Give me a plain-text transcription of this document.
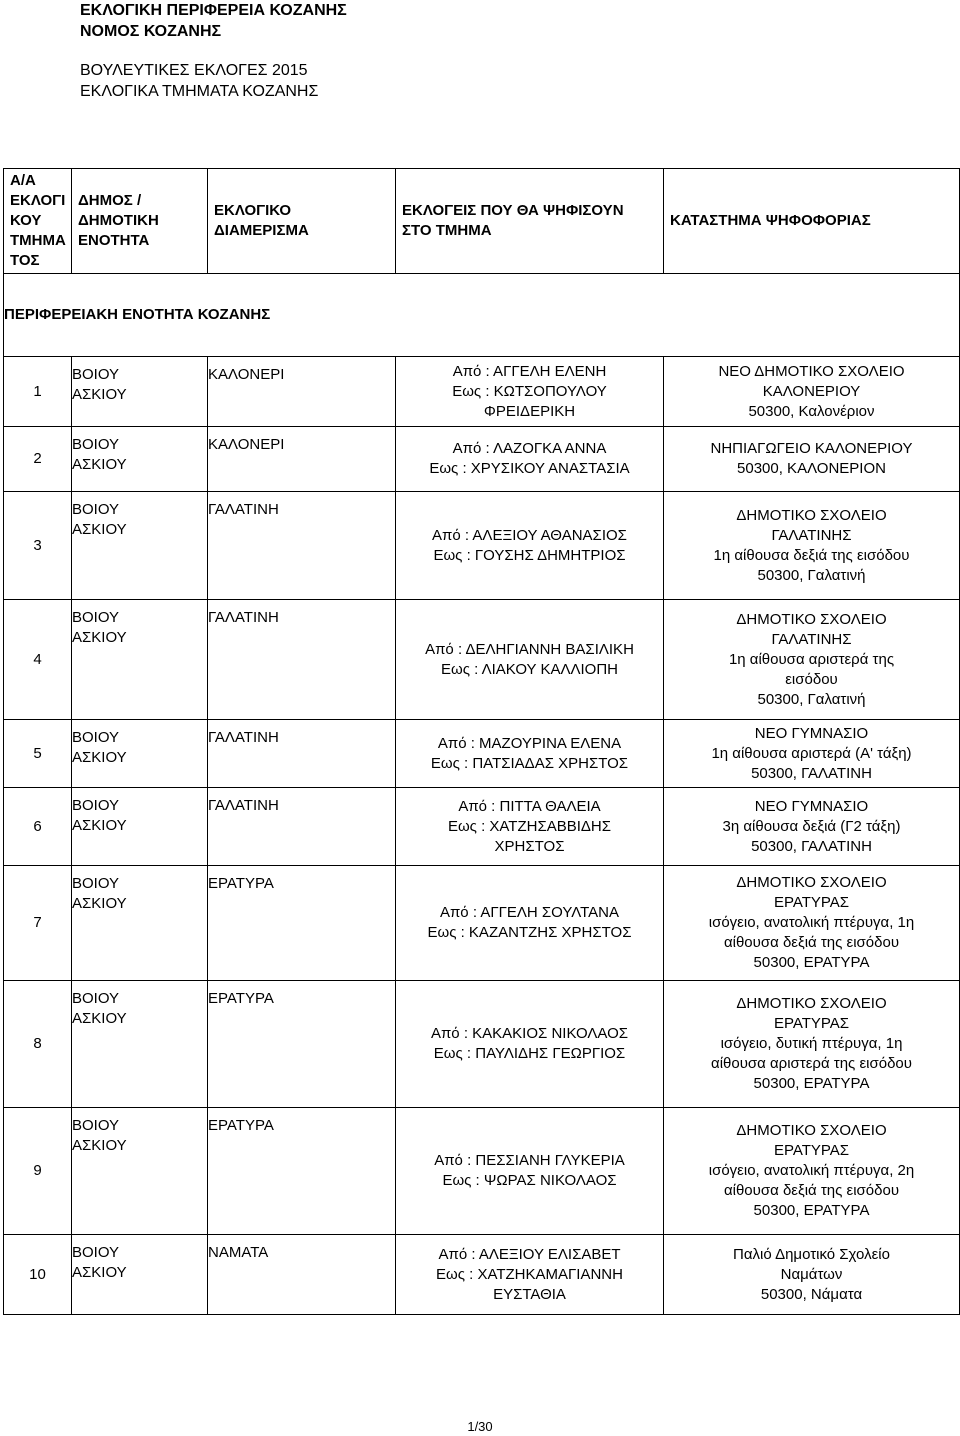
ΕΚΛΟΓΙΚΗ ΠΕΡΙΦΕΡΕΙΑ ΚΟΖΑΝΗΣ
ΝΟΜΟΣ ΚΟΖΑΝΗΣ
ΒΟΥΛΕΥΤΙΚΕΣ ΕΚΛΟΓΕΣ 2015
ΕΚΛΟΓΙΚΑ ΤΜΗΜΑΤΑ ΚΟΖΑΝΗΣ
Α/Α
ΕΚΛΟΓΙ
ΚΟΥ
ΤΜΗΜΑ
ΤΟΣ	ΔΗΜΟΣ /
ΔΗΜΟΤΙΚΗ
ΕΝΟΤΗΤΑ	ΕΚΛΟΓΙΚΟ
ΔΙΑΜΕΡΙΣΜΑ	ΕΚΛΟΓΕΙΣ ΠΟΥ ΘΑ ΨΗΦΙΣΟΥΝ
ΣΤΟ ΤΜΗΜΑ	ΚΑΤΑΣΤΗΜΑ ΨΗΦΟΦΟΡΙΑΣ
ΠΕΡΙΦΕΡΕΙΑΚΗ ΕΝΟΤΗΤΑ ΚΟΖΑΝΗΣ				
1	ΒΟΙΟΥ
ΑΣΚΙΟΥ	ΚΑΛΟΝΕΡΙ	Από : ΑΓΓΕΛΗ ΕΛΕΝΗ
Εως : ΚΩΤΣΟΠΟΥΛΟΥ
ΦΡΕΙΔΕΡΙΚΗ	ΝΕΟ ΔΗΜΟΤΙΚΟ ΣΧΟΛΕΙΟ
ΚΑΛΟΝΕΡΙΟΥ
50300, Καλονέριον

2	ΒΟΙΟΥ
ΑΣΚΙΟΥ	ΚΑΛΟΝΕΡΙ	Από : ΛΑΖΟΓΚΑ ΑΝΝΑ
Εως : ΧΡΥΣΙΚΟΥ ΑΝΑΣΤΑΣΙΑ	ΝΗΠΙΑΓΩΓΕΙΟ ΚΑΛΟΝΕΡΙΟΥ
50300, ΚΑΛΟΝΕΡΙΟΝ

3	ΒΟΙΟΥ
ΑΣΚΙΟΥ	ΓΑΛΑΤΙΝΗ	Από : ΑΛΕΞΙΟΥ ΑΘΑΝΑΣΙΟΣ
Εως : ΓΟΥΣΗΣ ΔΗΜΗΤΡΙΟΣ	ΔΗΜΟΤΙΚΟ ΣΧΟΛΕΙΟ
ΓΑΛΑΤΙΝΗΣ
1η αίθουσα δεξιά της εισόδου
50300, Γαλατινή

4	ΒΟΙΟΥ
ΑΣΚΙΟΥ	ΓΑΛΑΤΙΝΗ	Από : ΔΕΛΗΓΙΑΝΝΗ ΒΑΣΙΛΙΚΗ
Εως : ΛΙΑΚΟΥ ΚΑΛΛΙΟΠΗ	ΔΗΜΟΤΙΚΟ ΣΧΟΛΕΙΟ
ΓΑΛΑΤΙΝΗΣ
1η αίθουσα αριστερά της
εισόδου
50300, Γαλατινή

5	ΒΟΙΟΥ
ΑΣΚΙΟΥ	ΓΑΛΑΤΙΝΗ	Από : ΜΑΖΟΥΡΙΝΑ ΕΛΕΝΑ
Εως : ΠΑΤΣΙΑΔΑΣ ΧΡΗΣΤΟΣ	ΝΕΟ ΓΥΜΝΑΣΙΟ
1η αίθουσα αριστερά (Α' τάξη)
50300, ΓΑΛΑΤΙΝΗ

6	ΒΟΙΟΥ
ΑΣΚΙΟΥ	ΓΑΛΑΤΙΝΗ	Από : ΠΙΤΤΑ ΘΑΛΕΙΑ
Εως : ΧΑΤΖΗΣΑΒΒΙΔΗΣ
ΧΡΗΣΤΟΣ	ΝΕΟ ΓΥΜΝΑΣΙΟ
3η αίθουσα δεξιά (Γ2 τάξη)
50300, ΓΑΛΑΤΙΝΗ

7	ΒΟΙΟΥ
ΑΣΚΙΟΥ	ΕΡΑΤΥΡΑ	Από : ΑΓΓΕΛΗ ΣΟΥΛΤΑΝΑ
Εως : ΚΑΖΑΝΤΖΗΣ ΧΡΗΣΤΟΣ	ΔΗΜΟΤΙΚΟ ΣΧΟΛΕΙΟ
ΕΡΑΤΥΡΑΣ
ισόγειο, ανατολική πτέρυγα, 1η
αίθουσα δεξιά της εισόδου
50300, ΕΡΑΤΥΡΑ

8	ΒΟΙΟΥ
ΑΣΚΙΟΥ	ΕΡΑΤΥΡΑ	Από : ΚΑΚΑΚΙΟΣ ΝΙΚΟΛΑΟΣ
Εως : ΠΑΥΛΙΔΗΣ ΓΕΩΡΓΙΟΣ	ΔΗΜΟΤΙΚΟ ΣΧΟΛΕΙΟ
ΕΡΑΤΥΡΑΣ
ισόγειο, δυτική πτέρυγα, 1η
αίθουσα αριστερά της εισόδου
50300, ΕΡΑΤΥΡΑ

9	ΒΟΙΟΥ
ΑΣΚΙΟΥ	ΕΡΑΤΥΡΑ	Από : ΠΕΣΣΙΑΝΗ ΓΛΥΚΕΡΙΑ
Εως : ΨΩΡΑΣ ΝΙΚΟΛΑΟΣ	ΔΗΜΟΤΙΚΟ ΣΧΟΛΕΙΟ
ΕΡΑΤΥΡΑΣ
ισόγειο, ανατολική πτέρυγα, 2η
αίθουσα δεξιά της εισόδου
50300, ΕΡΑΤΥΡΑ

10	ΒΟΙΟΥ
ΑΣΚΙΟΥ	ΝΑΜΑΤΑ	Από : ΑΛΕΞΙΟΥ ΕΛΙΣΑΒΕΤ
Εως : ΧΑΤΖΗΚΑΜΑΓΙΑΝΝΗ
ΕΥΣΤΑΘΙΑ	Παλιό Δημοτικό Σχολείο
Ναμάτων
50300, Νάματα
1/30
